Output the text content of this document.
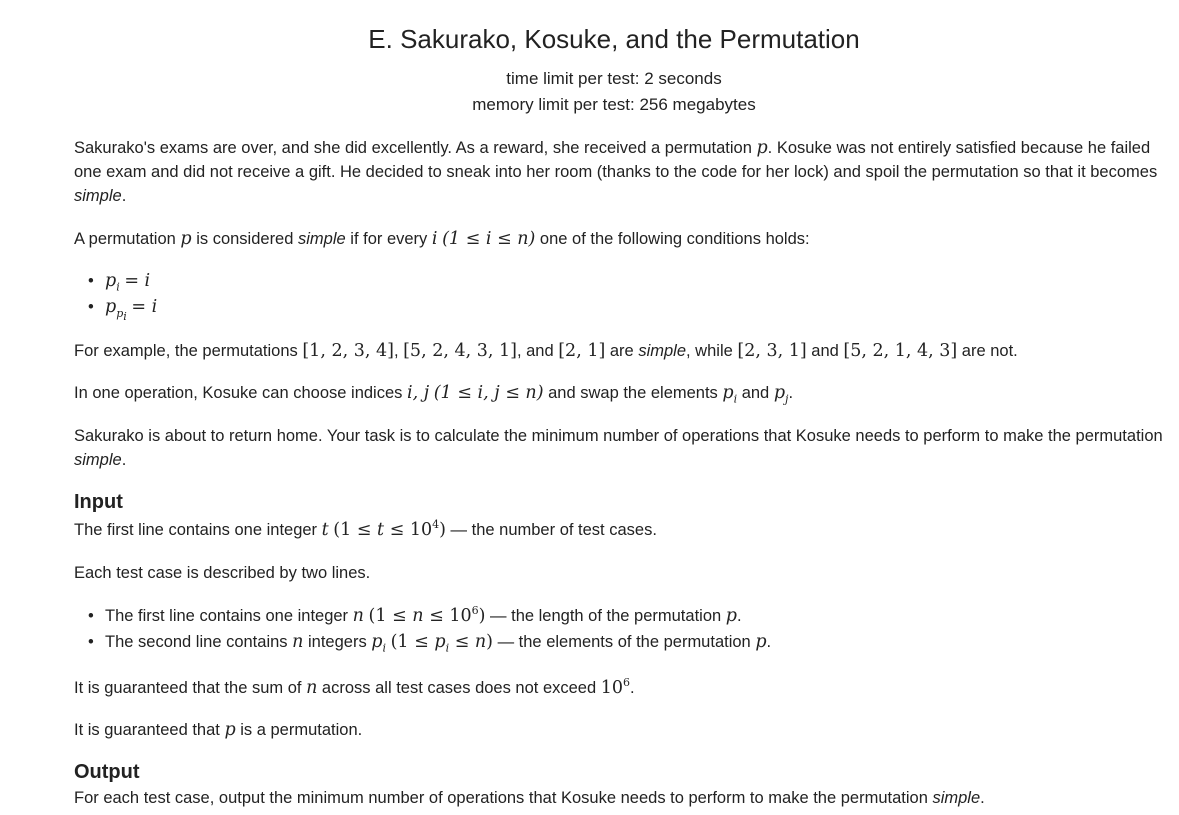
E. Sakurako, Kosuke, and the Permutation
time limit per test: 2 seconds
memory limit per test: 256 megabytes
Sakurako's exams are over, and she did excellently. As a reward, she received a permutation p. Kosuke was not entirely satisfied because he failed one exam and did not receive a gift. He decided to sneak into her room (thanks to the code for her lock) and spoil the permutation so that it becomes simple.
A permutation p is considered simple if for every i (1 ≤ i ≤ n) one of the following conditions holds:
• $p_i = i$
• $p_{p_i} = i$
For example, the permutations [1, 2, 3, 4], [5, 2, 4, 3, 1], and [2, 1] are simple, while [2, 3, 1] and [5, 2, 1, 4, 3] are not.
In one operation, Kosuke can choose indices i, j (1 ≤ i, j ≤ n) and swap the elements $p_i$ and $p_j$.
Sakurako is about to return home. Your task is to calculate the minimum number of operations that Kosuke needs to perform to make the permutation simple.
Input
The first line contains one integer t $(1 \le t \le 10^4)$ — the number of test cases.
Each test case is described by two lines.
• The first line contains one integer n $(1 \le n \le 10^6)$ — the length of the permutation p.
• The second line contains n integers $p_i$ $(1 \le p_i \le n)$ — the elements of the permutation p.
It is guaranteed that the sum of n across all test cases does not exceed $10^6$.
It is guaranteed that p is a permutation.
Output
For each test case, output the minimum number of operations that Kosuke needs to perform to make the permutation simple.
